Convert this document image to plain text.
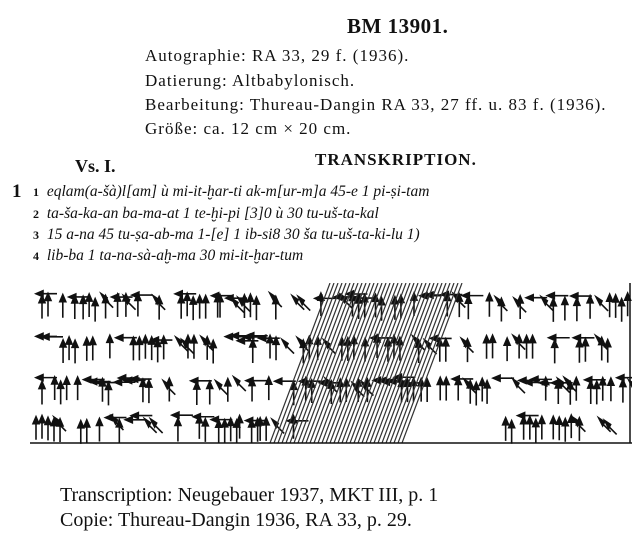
BM 13901.
Autographie: RA 33, 29 f. (1936).
Datierung: Altbabylonisch.
Bearbeitung: Thureau-Dangin RA 33, 27 ff. u. 83 f. (1936).
Größe: ca. 12 cm × 20 cm.
Vs. I.	TRANSKRIPTION.
1 1 eqlam(a-šà)l[am] ù mi-it-ḫar-ti ak-m[ur-m]a 45-e 1 pi-ṣi-tam
2 ta-ša-ka-an ba-ma-at 1 te-ḫi-pi [3]0 ù 30 tu-uš-ta-kal
3 15 a-na 45 tu-ṣa-ab-ma 1-[e] 1 ib-si8 30 ša tu-uš-ta-ki-lu 1)
4 lib-ba 1 ta-na-sà-aḫ-ma 30 mi-it-ḫar-tum
Transcription: Neugebauer 1937, MKT III, p. 1
Copie: Thureau-Dangin 1936, RA 33, p. 29.
